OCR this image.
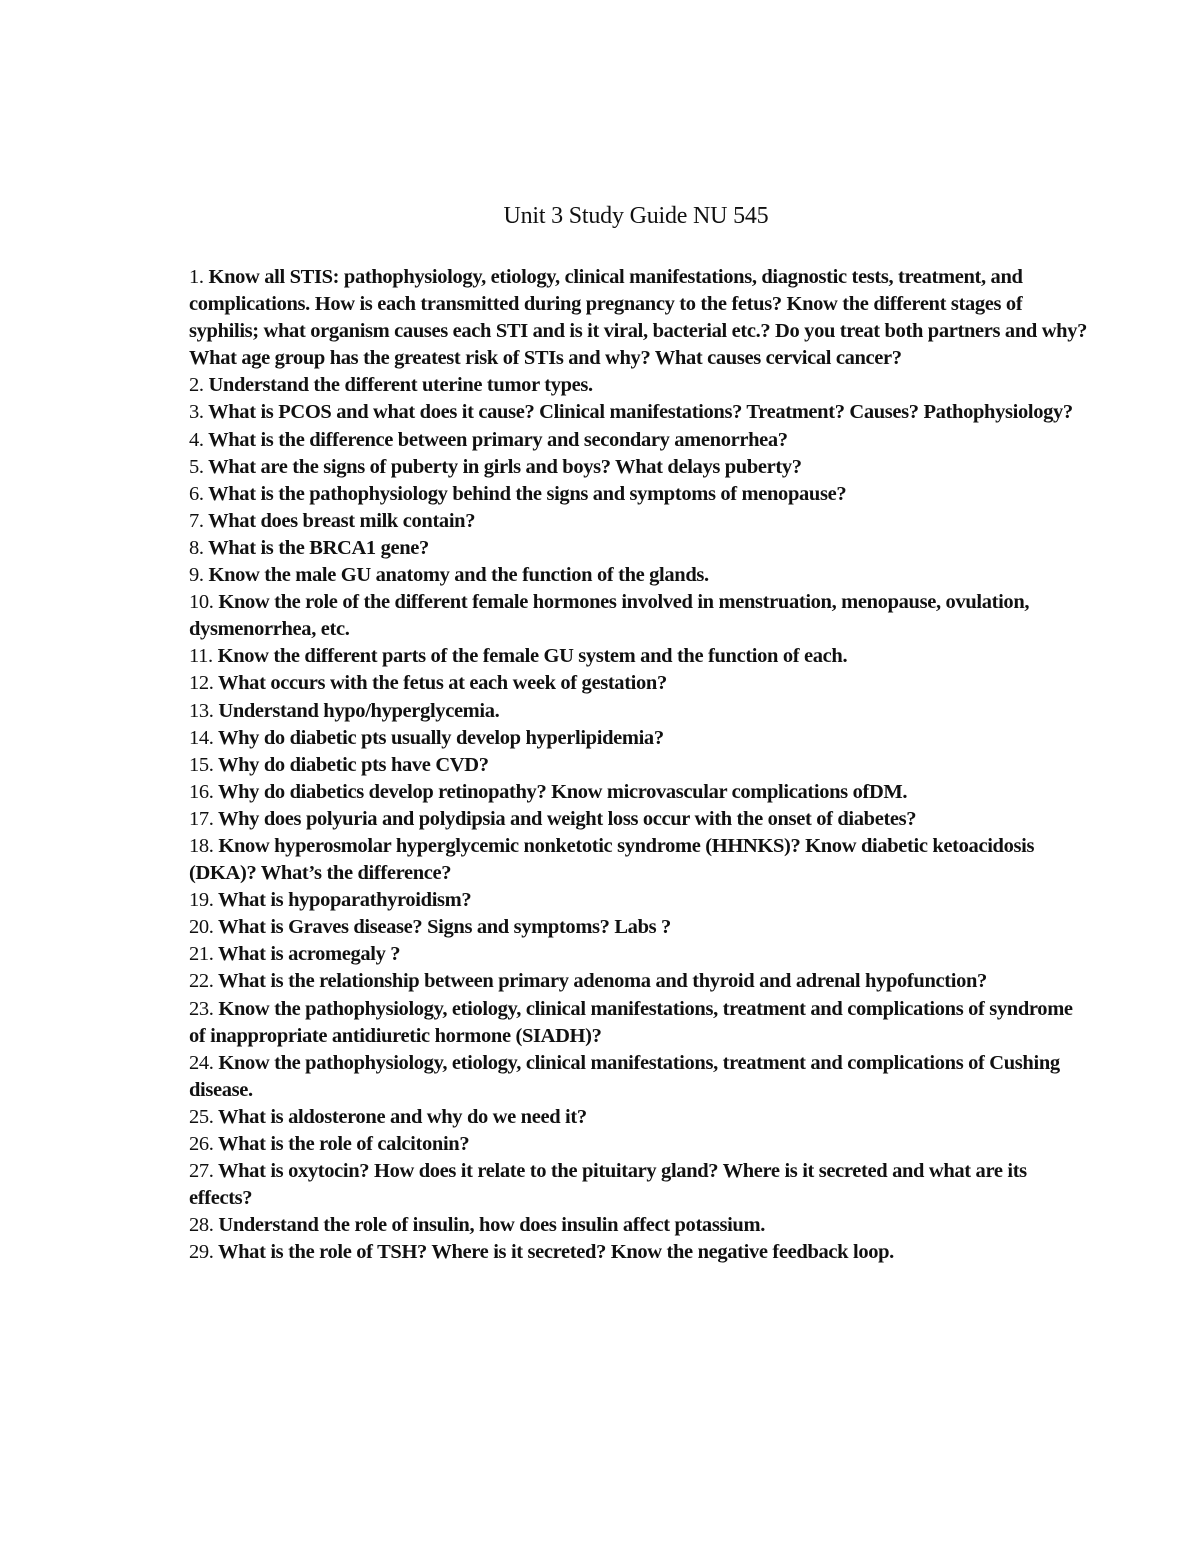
Unit 3 Study Guide NU 545
1. Know all STIS: pathophysiology, etiology, clinical manifestations, diagnostic tests, treatment, and complications. How is each transmitted during pregnancy to the fetus? Know the different stages of syphilis; what organism causes each STI and is it viral, bacterial etc.? Do you treat both partners and why? What age group has the greatest risk of STIs and why? What causes cervical cancer?
2. Understand the different uterine tumor types.
3. What is PCOS and what does it cause? Clinical manifestations? Treatment? Causes? Pathophysiology?
4. What is the difference between primary and secondary amenorrhea?
5. What are the signs of puberty in girls and boys? What delays puberty?
6. What is the pathophysiology behind the signs and symptoms of menopause?
7. What does breast milk contain?
8. What is the BRCA1 gene?
9. Know the male GU anatomy and the function of the glands.
10. Know the role of the different female hormones involved in menstruation, menopause, ovulation, dysmenorrhea, etc.
11. Know the different parts of the female GU system and the function of each.
12. What occurs with the fetus at each week of gestation?
13. Understand hypo/hyperglycemia.
14. Why do diabetic pts usually develop hyperlipidemia?
15. Why do diabetic pts have CVD?
16. Why do diabetics develop retinopathy? Know microvascular complications ofDM.
17. Why does polyuria and polydipsia and weight loss occur with the onset of diabetes?
18. Know hyperosmolar hyperglycemic nonketotic syndrome (HHNKS)? Know diabetic ketoacidosis (DKA)? What’s the difference?
19. What is hypoparathyroidism?
20. What is Graves disease? Signs and symptoms? Labs ?
21. What is acromegaly ?
22. What is the relationship between primary adenoma and thyroid and adrenal hypofunction?
23. Know the pathophysiology, etiology, clinical manifestations, treatment and complications of syndrome of inappropriate antidiuretic hormone (SIADH)?
24. Know the pathophysiology, etiology, clinical manifestations, treatment and complications of Cushing disease.
25. What is aldosterone and why do we need it?
26. What is the role of calcitonin?
27. What is oxytocin? How does it relate to the pituitary gland? Where is it secreted and what are its effects?
28. Understand the role of insulin, how does insulin affect potassium.
29. What is the role of TSH? Where is it secreted? Know the negative feedback loop.
